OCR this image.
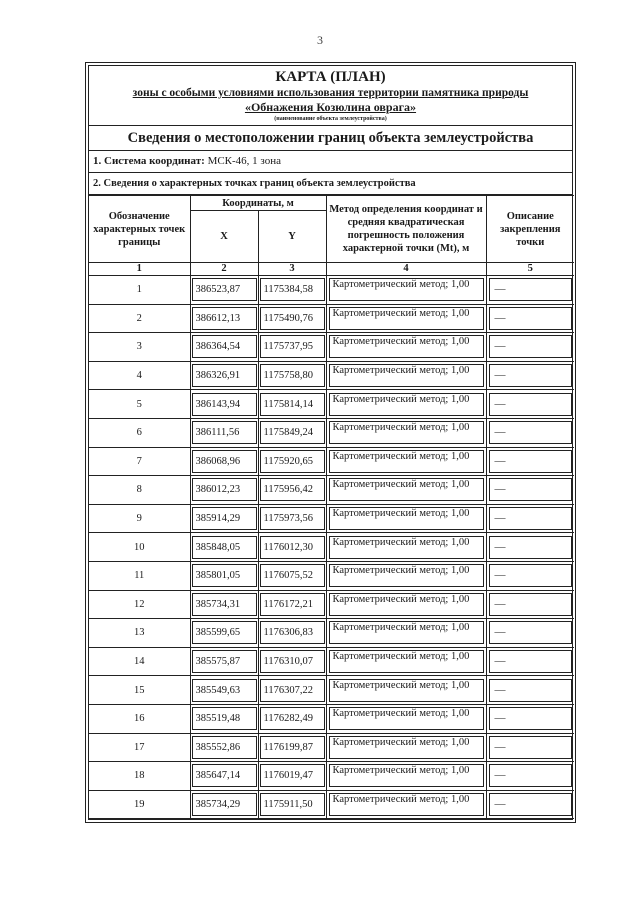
3
КАРТА (ПЛАН)
зоны с особыми условиями использования территории памятника природы
«Обнажения Козюлина оврага»
(наименование объекта землеустройства)
Сведения о местоположении границ объекта землеустройства
1. Система координат: МСК-46, 1 зона
2. Сведения о характерных точках границ объекта землеустройства
Обозначение характерных точек границы	Координаты, м		Метод определения координат и средняя квадратическая погрешность положения характерной точки (Mt), м	Описание закрепления точки
	X	Y		
1	2	3	4	5
1	386523,87	1175384,58	Картометрический метод; 1,00	—

2	386612,13	1175490,76	Картометрический метод; 1,00	—

3	386364,54	1175737,95	Картометрический метод; 1,00	—

4	386326,91	1175758,80	Картометрический метод; 1,00	—

5	386143,94	1175814,14	Картометрический метод; 1,00	—

6	386111,56	1175849,24	Картометрический метод; 1,00	—

7	386068,96	1175920,65	Картометрический метод; 1,00	—

8	386012,23	1175956,42	Картометрический метод; 1,00	—

9	385914,29	1175973,56	Картометрический метод; 1,00	—

10	385848,05	1176012,30	Картометрический метод; 1,00	—

11	385801,05	1176075,52	Картометрический метод; 1,00	—

12	385734,31	1176172,21	Картометрический метод; 1,00	—

13	385599,65	1176306,83	Картометрический метод; 1,00	—

14	385575,87	1176310,07	Картометрический метод; 1,00	—

15	385549,63	1176307,22	Картометрический метод; 1,00	—

16	385519,48	1176282,49	Картометрический метод; 1,00	—

17	385552,86	1176199,87	Картометрический метод; 1,00	—

18	385647,14	1176019,47	Картометрический метод; 1,00	—

19	385734,29	1175911,50	Картометрический метод; 1,00	—
